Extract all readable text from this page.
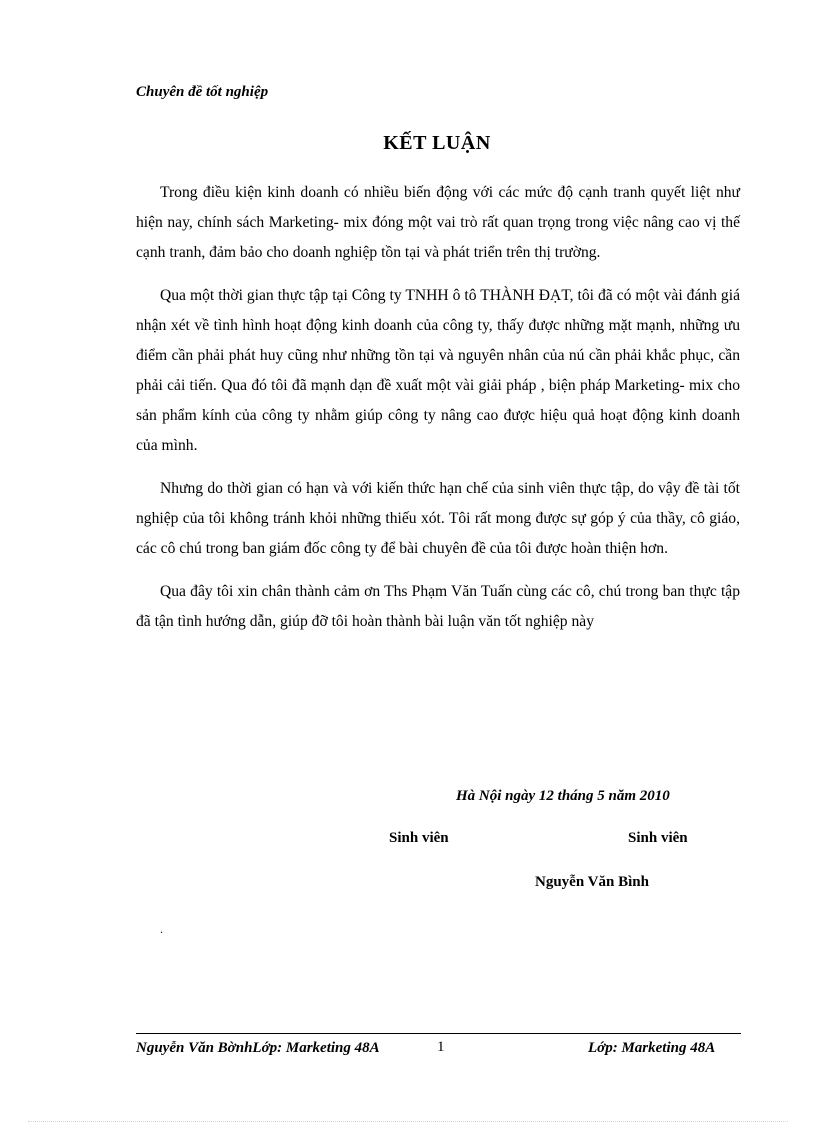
Chuyên đề tốt nghiệp
KẾT LUẬN

Trong điều kiện kinh doanh có nhiều biến động với các mức độ cạnh tranh quyết liệt như hiện nay, chính sách Marketing- mix đóng một vai trò rất quan trọng trong việc nâng cao vị thế cạnh tranh, đảm bảo cho doanh nghiệp tồn tại và phát triển trên thị trường.

Qua một thời gian thực tập tại Công ty TNHH ô tô THÀNH ĐẠT, tôi đã có một vài đánh giá nhận xét về tình hình hoạt động kinh doanh của công ty, thấy được những mặt mạnh, những ưu điểm cần phải phát huy cũng như những tồn tại và nguyên nhân của nú cần phải khắc phục, cần phải cải tiến. Qua đó tôi đã mạnh dạn đề xuất một vài giải pháp , biện pháp Marketing- mix cho sản phẩm kính của công ty nhằm giúp công ty nâng cao được hiệu quả hoạt động kinh doanh của mình.

Nhưng do thời gian có hạn và với kiến thức hạn chế của sinh viên thực tập, do vậy đề tài tốt nghiệp của tôi không tránh khỏi những thiếu xót. Tôi rất mong được sự góp ý của thầy, cô giáo, các cô chú trong ban giám đốc công ty để bài chuyên đề của tôi được hoàn thiện hơn.

Qua đây tôi xin chân thành cảm ơn Ths Phạm Văn Tuấn cùng các cô, chú trong ban thực tập đã tận tình hướng dẫn, giúp đỡ tôi hoàn thành bài luận văn tốt nghiệp này

Hà Nội ngày 12 tháng 5 năm 2010
Sinh viên	Sinh viên
Nguyễn Văn Bình
.
Nguyễn Văn BờnhLớp: Marketing 48A	1	Lớp: Marketing 48A
